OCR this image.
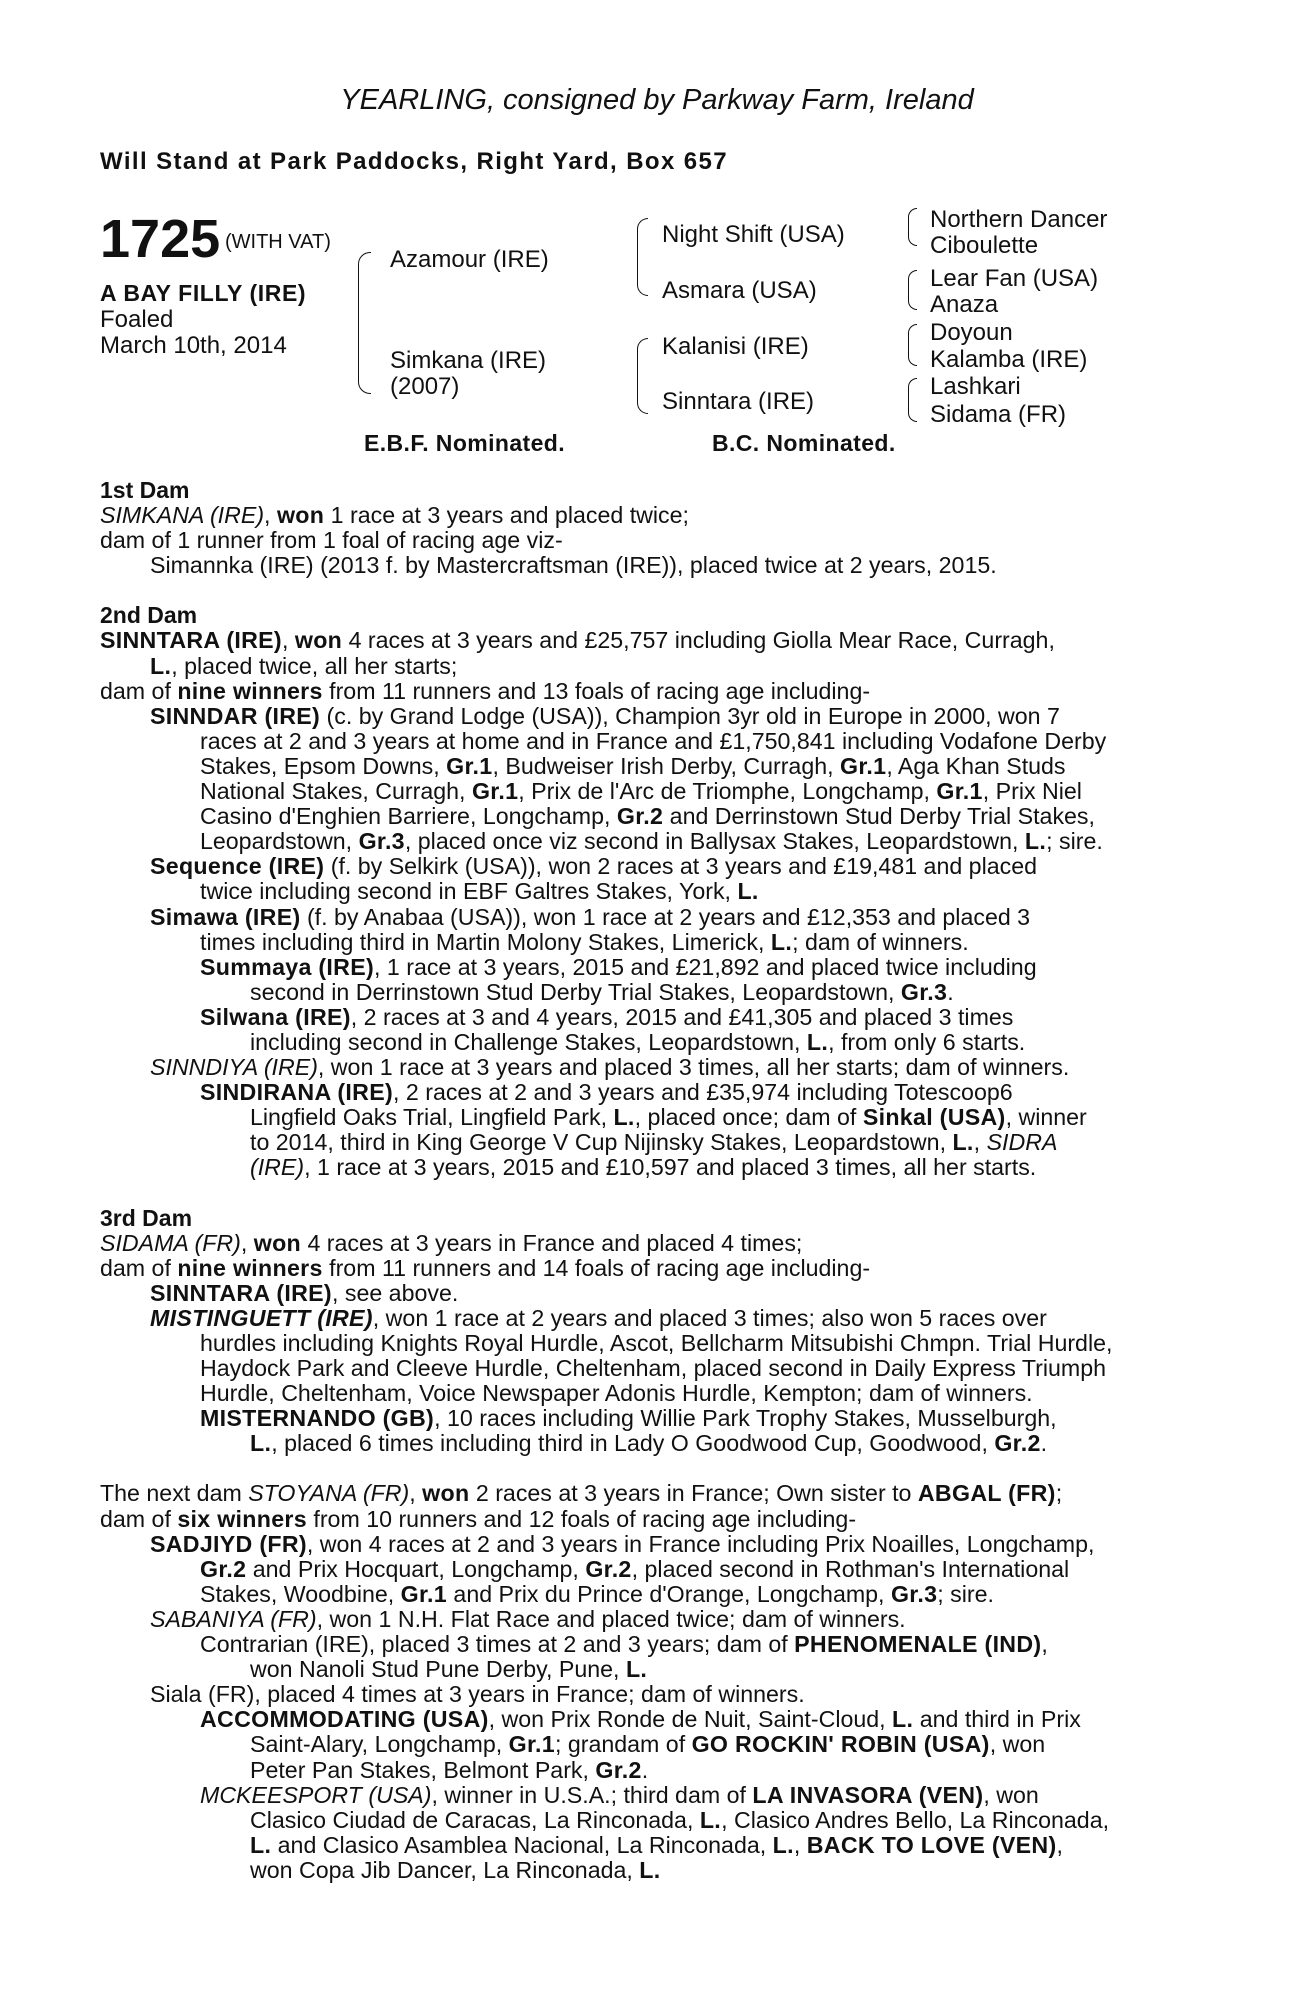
YEARLING, consigned by Parkway Farm, Ireland
Will Stand at Park Paddocks, Right Yard, Box 657
1725 (WITH VAT)
A BAY FILLY (IRE)
Foaled
March 10th, 2014
Azamour (IRE)
Simkana (IRE)
(2007)
Night Shift (USA)
Asmara (USA)
Kalanisi (IRE)
Sinntara (IRE)
Northern Dancer
Ciboulette
Lear Fan (USA)
Anaza
Doyoun
Kalamba (IRE)
Lashkari
Sidama (FR)
E.B.F. Nominated.	B.C. Nominated.
1st Dam
SIMKANA (IRE), won 1 race at 3 years and placed twice;
dam of 1 runner from 1 foal of racing age viz-
Simannka (IRE) (2013 f. by Mastercraftsman (IRE)), placed twice at 2 years, 2015.
2nd Dam
SINNTARA (IRE), won 4 races at 3 years and £25,757 including Giolla Mear Race, Curragh,
L., placed twice, all her starts;
dam of nine winners from 11 runners and 13 foals of racing age including-
SINNDAR (IRE) (c. by Grand Lodge (USA)), Champion 3yr old in Europe in 2000, won 7
races at 2 and 3 years at home and in France and £1,750,841 including Vodafone Derby
Stakes, Epsom Downs, Gr.1, Budweiser Irish Derby, Curragh, Gr.1, Aga Khan Studs
National Stakes, Curragh, Gr.1, Prix de l'Arc de Triomphe, Longchamp, Gr.1, Prix Niel
Casino d'Enghien Barriere, Longchamp, Gr.2 and Derrinstown Stud Derby Trial Stakes,
Leopardstown, Gr.3, placed once viz second in Ballysax Stakes, Leopardstown, L.; sire.
Sequence (IRE) (f. by Selkirk (USA)), won 2 races at 3 years and £19,481 and placed
twice including second in EBF Galtres Stakes, York, L.
Simawa (IRE) (f. by Anabaa (USA)), won 1 race at 2 years and £12,353 and placed 3
times including third in Martin Molony Stakes, Limerick, L.; dam of winners.
Summaya (IRE), 1 race at 3 years, 2015 and £21,892 and placed twice including
second in Derrinstown Stud Derby Trial Stakes, Leopardstown, Gr.3.
Silwana (IRE), 2 races at 3 and 4 years, 2015 and £41,305 and placed 3 times
including second in Challenge Stakes, Leopardstown, L., from only 6 starts.
SINNDIYA (IRE), won 1 race at 3 years and placed 3 times, all her starts; dam of winners.
SINDIRANA (IRE), 2 races at 2 and 3 years and £35,974 including Totescoop6
Lingfield Oaks Trial, Lingfield Park, L., placed once; dam of Sinkal (USA), winner
to 2014, third in King George V Cup Nijinsky Stakes, Leopardstown, L., SIDRA
(IRE), 1 race at 3 years, 2015 and £10,597 and placed 3 times, all her starts.
3rd Dam
SIDAMA (FR), won 4 races at 3 years in France and placed 4 times;
dam of nine winners from 11 runners and 14 foals of racing age including-
SINNTARA (IRE), see above.
MISTINGUETT (IRE), won 1 race at 2 years and placed 3 times; also won 5 races over
hurdles including Knights Royal Hurdle, Ascot, Bellcharm Mitsubishi Chmpn. Trial Hurdle,
Haydock Park and Cleeve Hurdle, Cheltenham, placed second in Daily Express Triumph
Hurdle, Cheltenham, Voice Newspaper Adonis Hurdle, Kempton; dam of winners.
MISTERNANDO (GB), 10 races including Willie Park Trophy Stakes, Musselburgh,
L., placed 6 times including third in Lady O Goodwood Cup, Goodwood, Gr.2.
The next dam STOYANA (FR), won 2 races at 3 years in France; Own sister to ABGAL (FR);
dam of six winners from 10 runners and 12 foals of racing age including-
SADJIYD (FR), won 4 races at 2 and 3 years in France including Prix Noailles, Longchamp,
Gr.2 and Prix Hocquart, Longchamp, Gr.2, placed second in Rothman's International
Stakes, Woodbine, Gr.1 and Prix du Prince d'Orange, Longchamp, Gr.3; sire.
SABANIYA (FR), won 1 N.H. Flat Race and placed twice; dam of winners.
Contrarian (IRE), placed 3 times at 2 and 3 years; dam of PHENOMENALE (IND),
won Nanoli Stud Pune Derby, Pune, L.
Siala (FR), placed 4 times at 3 years in France; dam of winners.
ACCOMMODATING (USA), won Prix Ronde de Nuit, Saint-Cloud, L. and third in Prix
Saint-Alary, Longchamp, Gr.1; grandam of GO ROCKIN' ROBIN (USA), won
Peter Pan Stakes, Belmont Park, Gr.2.
MCKEESPORT (USA), winner in U.S.A.; third dam of LA INVASORA (VEN), won
Clasico Ciudad de Caracas, La Rinconada, L., Clasico Andres Bello, La Rinconada,
L. and Clasico Asamblea Nacional, La Rinconada, L., BACK TO LOVE (VEN),
won Copa Jib Dancer, La Rinconada, L.
